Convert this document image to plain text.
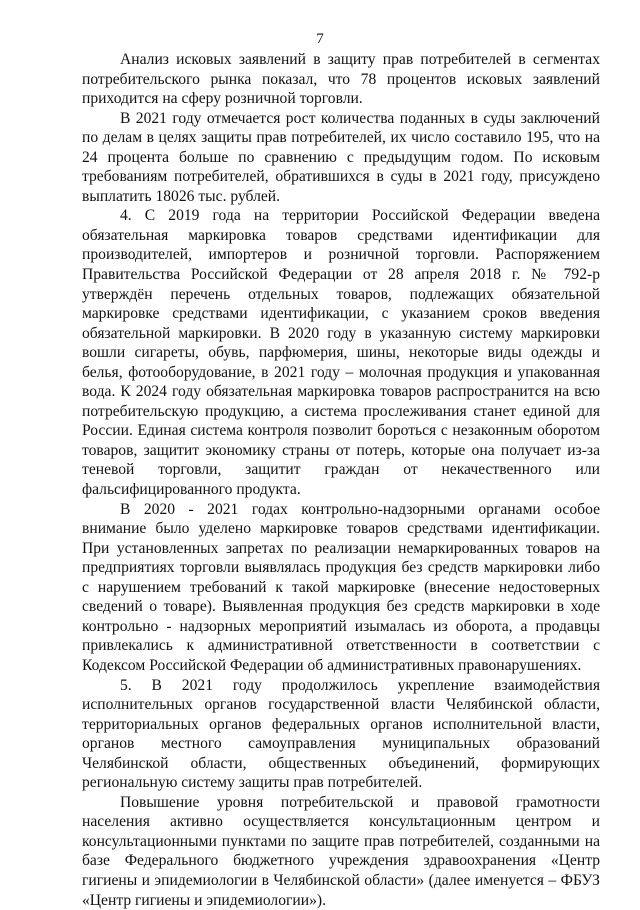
7

Анализ исковых заявлений в защиту прав потребителей в сегментах потребительского рынка показал, что 78 процентов исковых заявлений приходится на сферу розничной торговли.

В 2021 году отмечается рост количества поданных в суды заключений по делам в целях защиты прав потребителей, их число составило 195, что на 24 процента больше по сравнению с предыдущим годом. По исковым требованиям потребителей, обратившихся в суды в 2021 году, присуждено выплатить 18026 тыс. рублей.

4. С 2019 года на территории Российской Федерации введена обязательная маркировка товаров средствами идентификации для производителей, импортеров и розничной торговли. Распоряжением Правительства Российской Федерации от 28 апреля 2018 г. № 792-р утверждён перечень отдельных товаров, подлежащих обязательной маркировке средствами идентификации, с указанием сроков введения обязательной маркировки. В 2020 году в указанную систему маркировки вошли сигареты, обувь, парфюмерия, шины, некоторые виды одежды и белья, фотооборудование, в 2021 году – молочная продукция и упакованная вода. К 2024 году обязательная маркировка товаров распространится на всю потребительскую продукцию, а система прослеживания станет единой для России. Единая система контроля позволит бороться с незаконным оборотом товаров, защитит экономику страны от потерь, которые она получает из-за теневой торговли, защитит граждан от некачественного или фальсифицированного продукта.

В 2020 - 2021 годах контрольно-надзорными органами особое внимание было уделено маркировке товаров средствами идентификации. При установленных запретах по реализации немаркированных товаров на предприятиях торговли выявлялась продукция без средств маркировки либо с нарушением требований к такой маркировке (внесение недостоверных сведений о товаре). Выявленная продукция без средств маркировки в ходе контрольно - надзорных мероприятий изымалась из оборота, а продавцы привлекались к административной ответственности в соответствии с Кодексом Российской Федерации об административных правонарушениях.

5. В 2021 году продолжилось укрепление взаимодействия исполнительных органов государственной власти Челябинской области, территориальных органов федеральных органов исполнительной власти, органов местного самоуправления муниципальных образований Челябинской области, общественных объединений, формирующих региональную систему защиты прав потребителей.

Повышение уровня потребительской и правовой грамотности населения активно осуществляется консультационным центром и консультационными пунктами по защите прав потребителей, созданными на базе Федерального бюджетного учреждения здравоохранения «Центр гигиены и эпидемиологии в Челябинской области» (далее именуется – ФБУЗ «Центр гигиены и эпидемиологии»).
